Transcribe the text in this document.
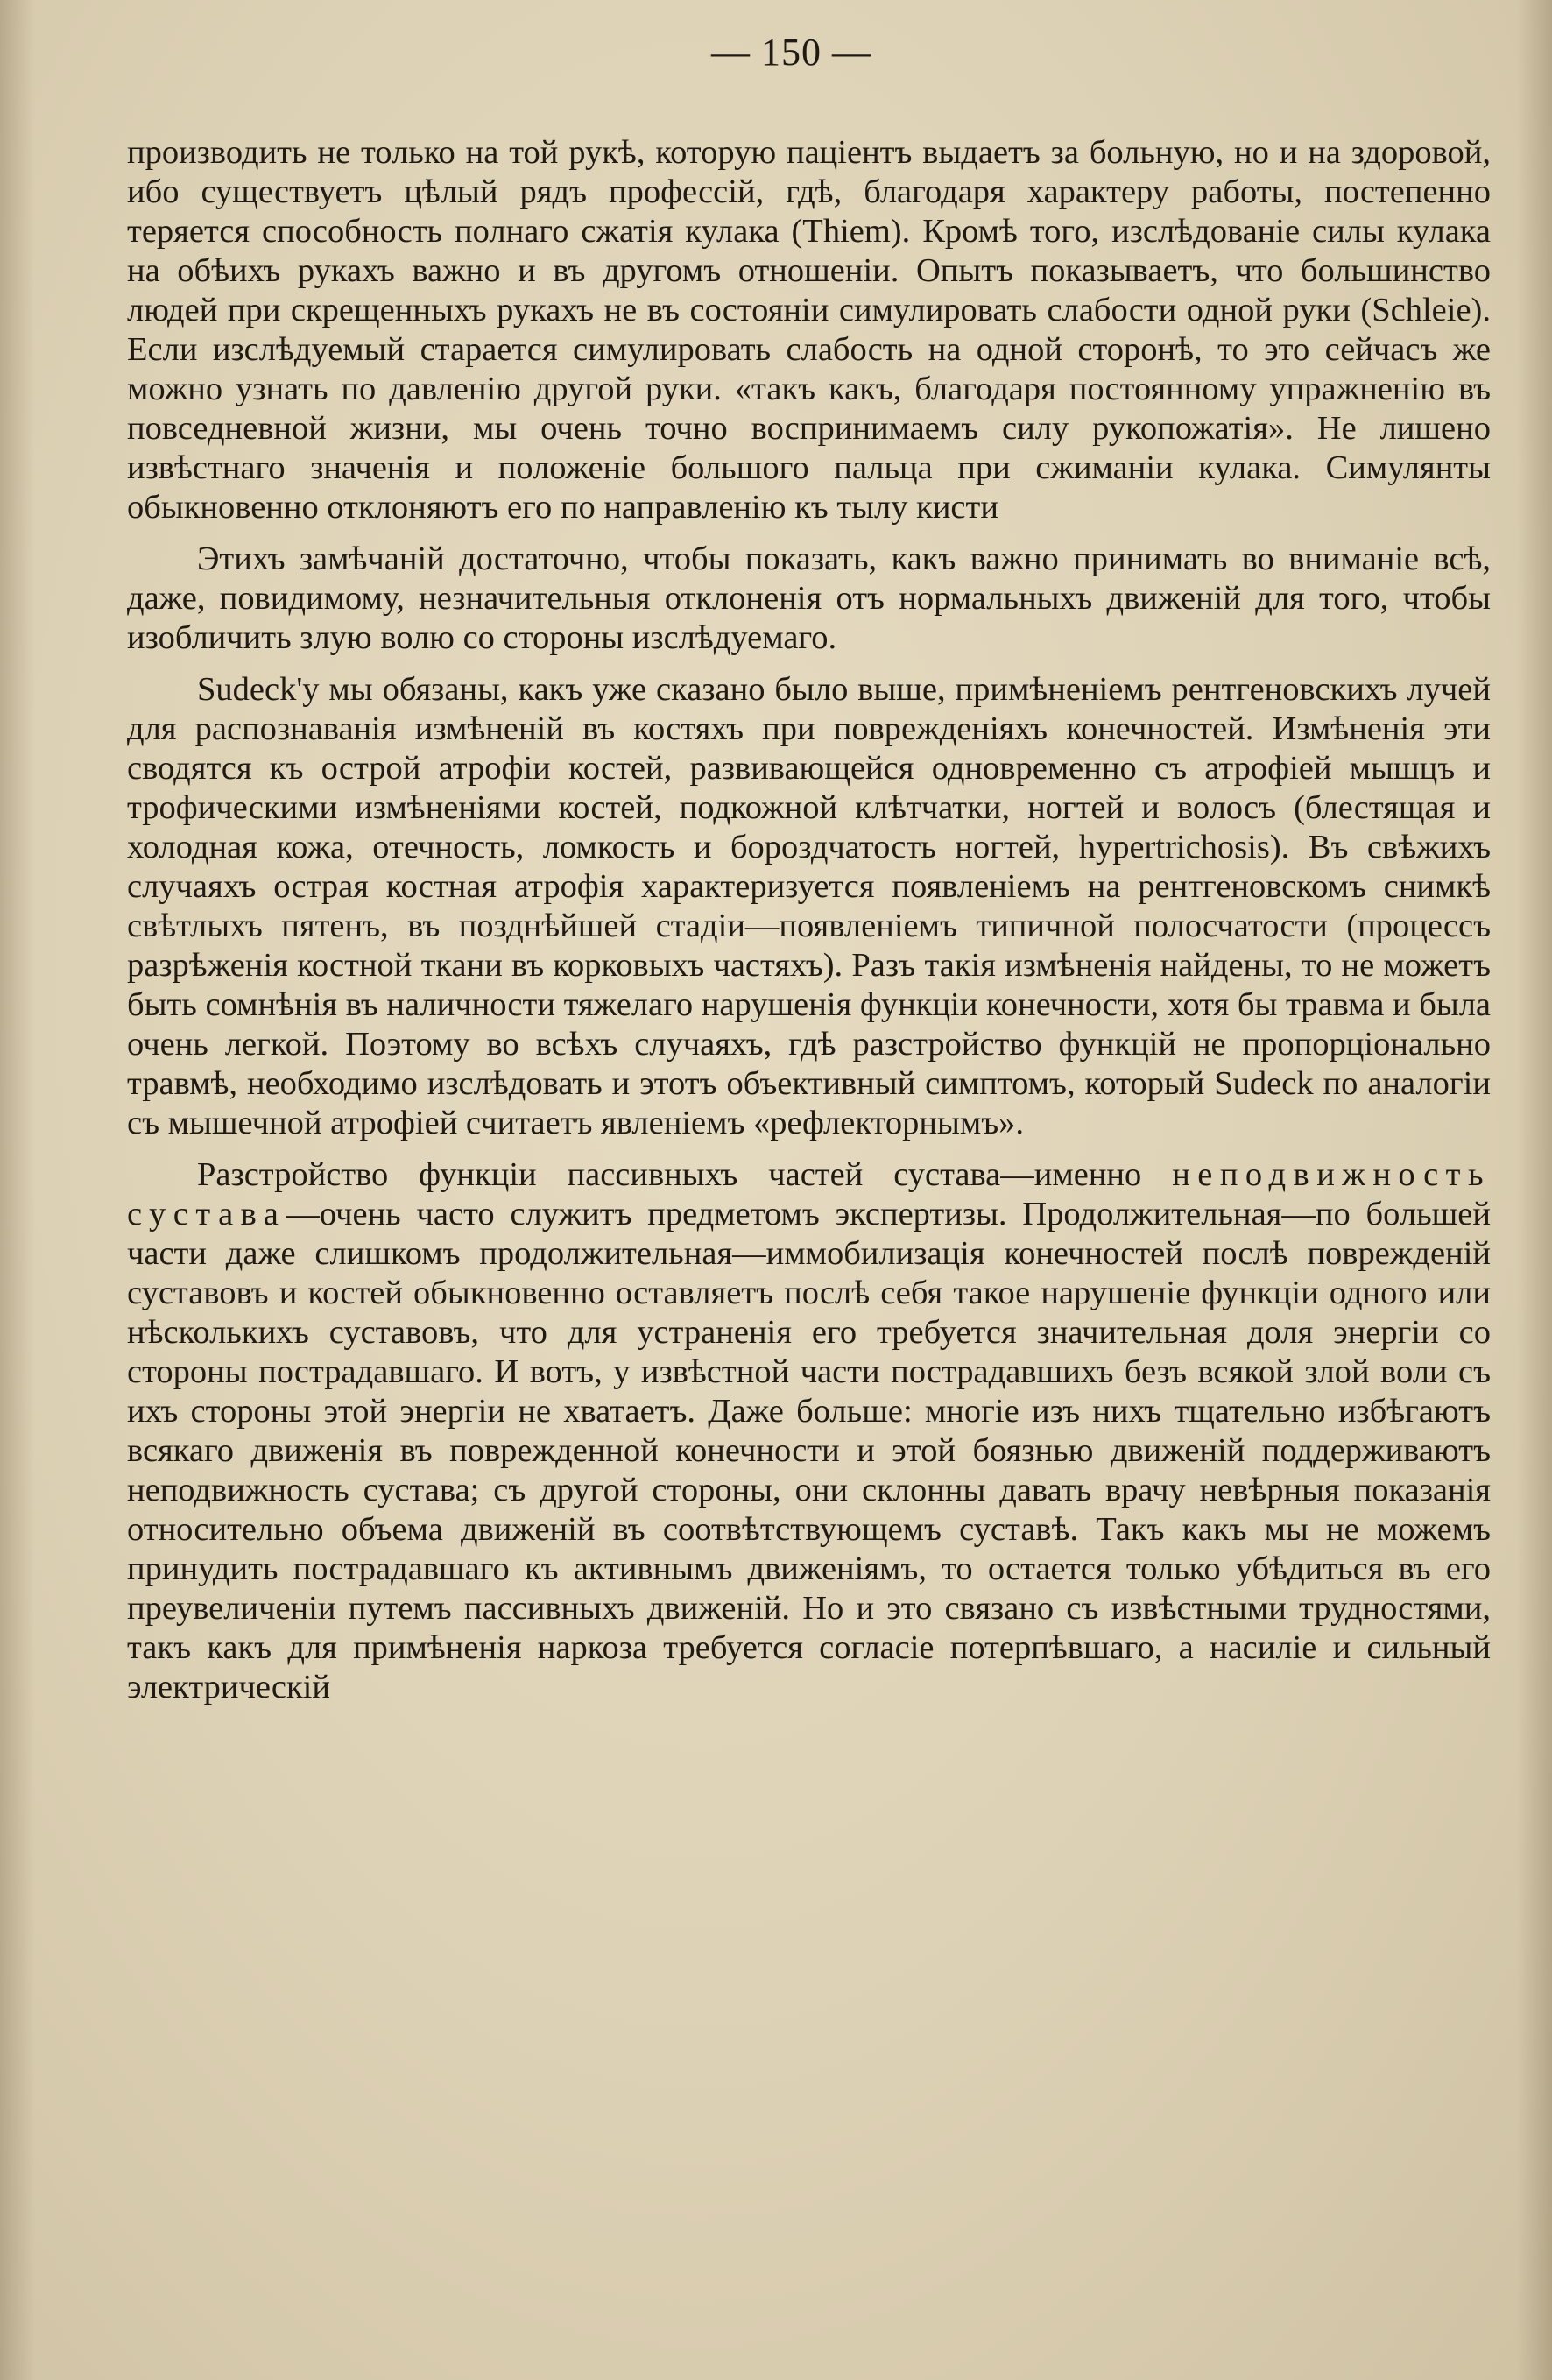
— 150 —

производить не только на той рукѣ, которую паціентъ выдаетъ за больную, но и на здоровой, ибо существуетъ цѣлый рядъ профессій, гдѣ, благодаря характеру работы, постепенно теряется способность полнаго сжатія кулака (Thiem). Кромѣ того, изслѣдованіе силы кулака на обѣихъ рукахъ важно и въ другомъ отношеніи. Опытъ показываетъ, что большинство людей при скрещенныхъ рукахъ не въ состояніи симулировать слабости одной руки (Schleie). Если изслѣдуемый старается симулировать слабость на одной сторонѣ, то это сейчасъ же можно узнать по давленію другой руки. «такъ какъ, благодаря постоянному упражненію въ повседневной жизни, мы очень точно воспринимаемъ силу рукопожатія». Не лишено извѣстнаго значенія и положеніе большого пальца при сжиманіи кулака. Симулянты обыкновенно отклоняютъ его по направленію къ тылу кисти

Этихъ замѣчаній достаточно, чтобы показать, какъ важно принимать во вниманіе всѣ, даже, повидимому, незначительныя отклоненія отъ нормальныхъ движеній для того, чтобы изобличить злую волю со стороны изслѣдуемаго.

Sudeck'у мы обязаны, какъ уже сказано было выше, примѣненіемъ рентгеновскихъ лучей для распознаванія измѣненій въ костяхъ при поврежденіяхъ конечностей. Измѣненія эти сводятся къ острой атрофіи костей, развивающейся одновременно съ атрофіей мышцъ и трофическими измѣненіями костей, подкожной клѣтчатки, ногтей и волосъ (блестящая и холодная кожа, отечность, ломкость и бороздчатость ногтей, hypertrichosis). Въ свѣжихъ случаяхъ острая костная атрофія характеризуется появленіемъ на рентгеновскомъ снимкѣ свѣтлыхъ пятенъ, въ позднѣйшей стадіи—появленіемъ типичной полосчатости (процессъ разрѣженія костной ткани въ корковыхъ частяхъ). Разъ такія измѣненія найдены, то не можетъ быть сомнѣнія въ наличности тяжелаго нарушенія функціи конечности, хотя бы травма и была очень легкой. Поэтому во всѣхъ случаяхъ, гдѣ разстройство функцій не пропорціонально травмѣ, необходимо изслѣдовать и этотъ объективный симптомъ, который Sudeck по аналогіи съ мышечной атрофіей считаетъ явленіемъ «рефлекторнымъ».

Разстройство функціи пассивныхъ частей сустава—именно неподвижность сустава—очень часто служитъ предметомъ экспертизы. Продолжительная—по большей части даже слишкомъ продолжительная—иммобилизація конечностей послѣ поврежденій суставовъ и костей обыкновенно оставляетъ послѣ себя такое нарушеніе функціи одного или нѣсколькихъ суставовъ, что для устраненія его требуется значительная доля энергіи со стороны пострадавшаго. И вотъ, у извѣстной части пострадавшихъ безъ всякой злой воли съ ихъ стороны этой энергіи не хватаетъ. Даже больше: многіе изъ нихъ тщательно избѣгаютъ всякаго движенія въ поврежденной конечности и этой боязнью движеній поддерживаютъ неподвижность сустава; съ другой стороны, они склонны давать врачу невѣрныя показанія относительно объема движеній въ соотвѣтствующемъ суставѣ. Такъ какъ мы не можемъ принудить пострадавшаго къ активнымъ движеніямъ, то остается только убѣдиться въ его преувеличеніи путемъ пассивныхъ движеній. Но и это связано съ извѣстными трудностями, такъ какъ для примѣненія наркоза требуется согласіе потерпѣвшаго, а насиліе и сильный электрическій
